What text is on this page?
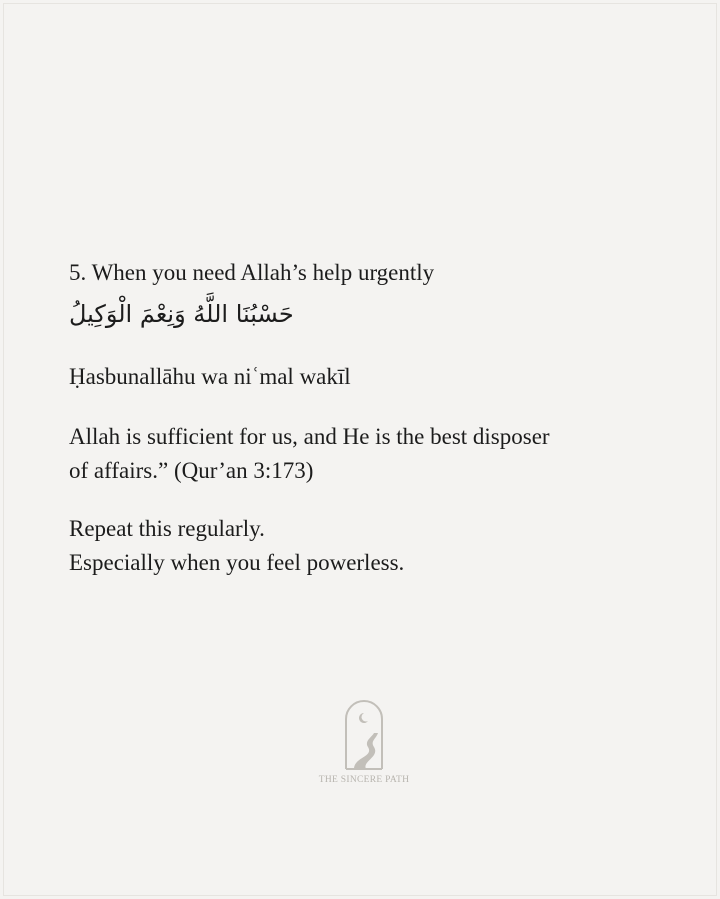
5. When you need Allah’s help urgently

حَسْبُنَا اللَّهُ وَنِعْمَ الْوَكِيلُ

Ḥasbunallāhu wa niʿmal wakīl

Allah is sufficient for us, and He is the best disposer
of affairs.” (Qur’an 3:173)

Repeat this regularly.

Especially when you feel powerless.

THE SINCERE PATH
